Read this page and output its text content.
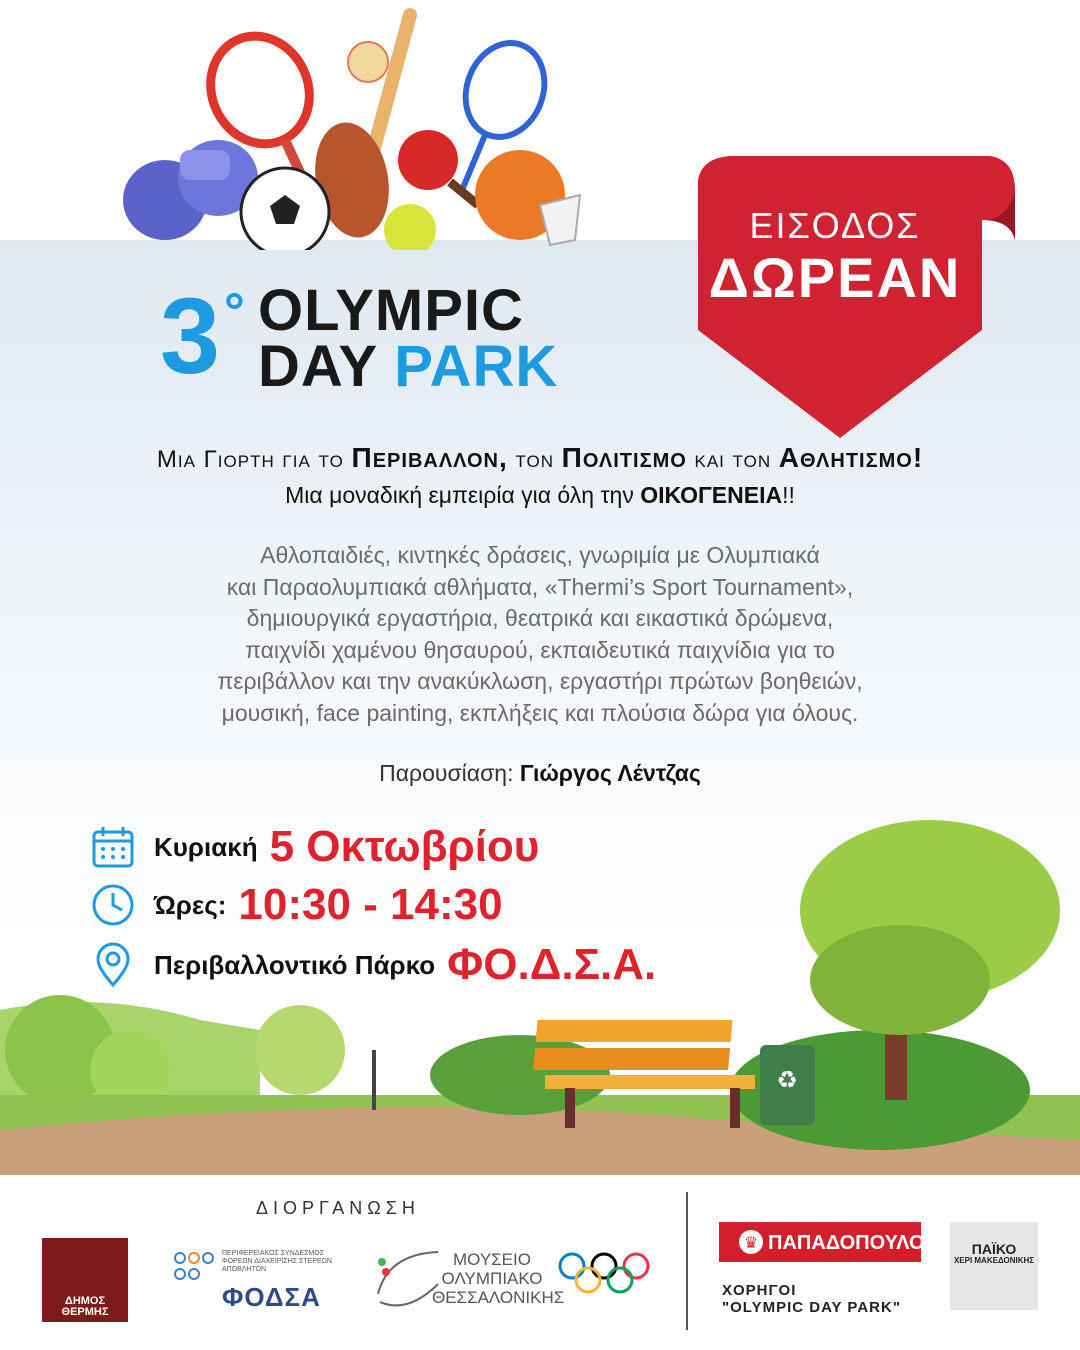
ΕΙΣΟΔΟΣ
ΔΩΡΕΑΝ
3 ° OLYMPIC
DAY PARK
Μια Γιορτη για το Περιβαλλον, τον Πολιτισμο και τον Αθλητισμο!
Μια μοναδική εμπειρία για όλη την ΟΙΚΟΓΕΝΕΙΑ!!
Αθλοπαιδιές, κιντηκές δράσεις, γνωριμία με Ολυμπιακά
και Παραολυμπιακά αθλήματα, «Thermi’s Sport Tournament»,
δημιουργικά εργαστήρια, θεατρικά και εικαστικά δρώμενα,
παιχνίδι χαμένου θησαυρού, εκπαιδευτικά παιχνίδια για το
περιβάλλον και την ανακύκλωση, εργαστήρι πρώτων βοηθειών,
μουσική, face painting, εκπλήξεις και πλούσια δώρα για όλους.
Παρουσίαση: Γιώργος Λέντζας
♻
Κυριακή 5 Οκτωβρίου
Ώρες: 10:30 - 14:30
Περιβαλλοντικό Πάρκο ΦΟ.Δ.Σ.Α.
ΔΙΟΡΓΑΝΩΣΗ
ΔΗΜΟΣ
ΘΕΡΜΗΣ
ΠΕΡΙΦΕΡΕΙΑΚΟΣ ΣΥΝΔΕΣΜΟΣ ΦΟΡΕΩΝ ΔΙΑΧΕΙΡΙΣΗΣ ΣΤΕΡΕΩΝ ΑΠΟΒΛΗΤΩΝ
ΦΟΔΣΑ
ΜΟΥΣΕΙΟ
ΟΛΥΜΠΙΑΚΟ
ΘΕΣΣΑΛΟΝΙΚΗΣ
♛ ΠΑΠΑΔΟΠΟΥΛΟΥ
ΧΟΡΗΓΟΙ
"OLYMPIC DAY PARK"
ΠΑΪΚΟ
ΧΕΡΙ ΜΑΚΕΔΟΝΙΚΗΣ
